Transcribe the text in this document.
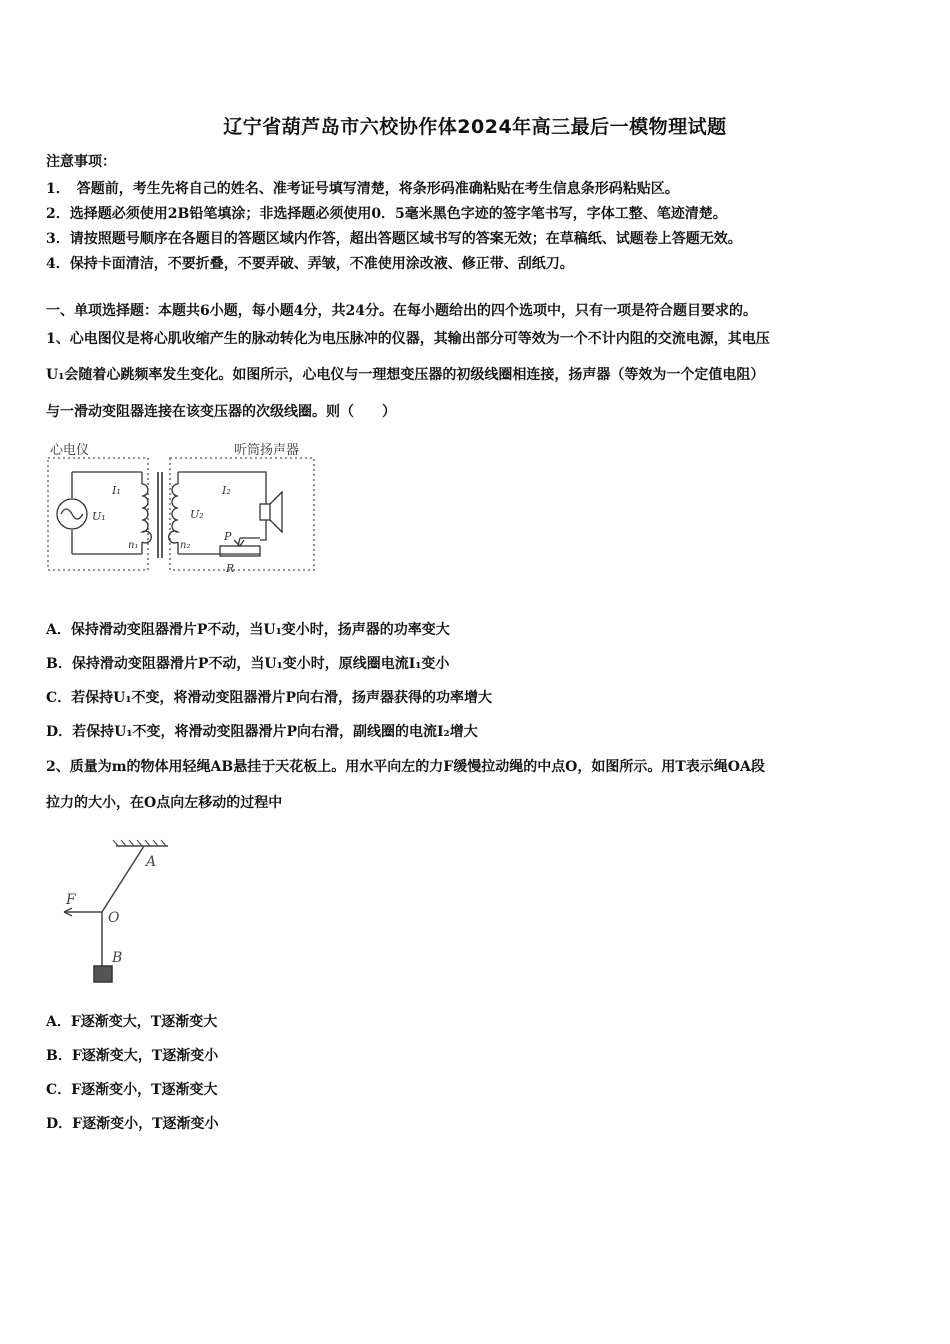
辽宁省葫芦岛市六校协作体2024年高三最后一模物理试题
注意事项：
1．　答题前，考生先将自己的姓名、准考证号填写清楚，将条形码准确粘贴在考生信息条形码粘贴区。
2．选择题必须使用2B铅笔填涂；非选择题必须使用0．5毫米黑色字迹的签字笔书写，字体工整、笔迹清楚。
3．请按照题号顺序在各题目的答题区域内作答，超出答题区域书写的答案无效；在草稿纸、试题卷上答题无效。
4．保持卡面清洁，不要折叠，不要弄破、弄皱，不准使用涂改液、修正带、刮纸刀。
一、单项选择题：本题共6小题，每小题4分，共24分。在每小题给出的四个选项中，只有一项是符合题目要求的。
1、心电图仪是将心肌收缩产生的脉动转化为电压脉冲的仪器，其输出部分可等效为一个不计内阻的交流电源，其电压
U₁会随着心跳频率发生变化。如图所示，心电仪与一理想变压器的初级线圈相连接，扬声器（等效为一个定值电阻）
与一滑动变阻器连接在该变压器的次级线圈。则（　　）
心电仪	听筒扬声器
I₁
U₁
n₁
U₂
I₂
n₂
P
R
A．保持滑动变阻器滑片P不动，当U₁变小时，扬声器的功率变大
B．保持滑动变阻器滑片P不动，当U₁变小时，原线圈电流I₁变小
C．若保持U₁不变，将滑动变阻器滑片P向右滑，扬声器获得的功率增大
D．若保持U₁不变，将滑动变阻器滑片P向右滑，副线圈的电流I₂增大
2、质量为m的物体用轻绳AB悬挂于天花板上。用水平向左的力F缓慢拉动绳的中点O，如图所示。用T表示绳OA段
拉力的大小，在O点向左移动的过程中
A
O
F
B
A．F逐渐变大，T逐渐变大
B．F逐渐变大，T逐渐变小
C．F逐渐变小，T逐渐变大
D．F逐渐变小，T逐渐变小
